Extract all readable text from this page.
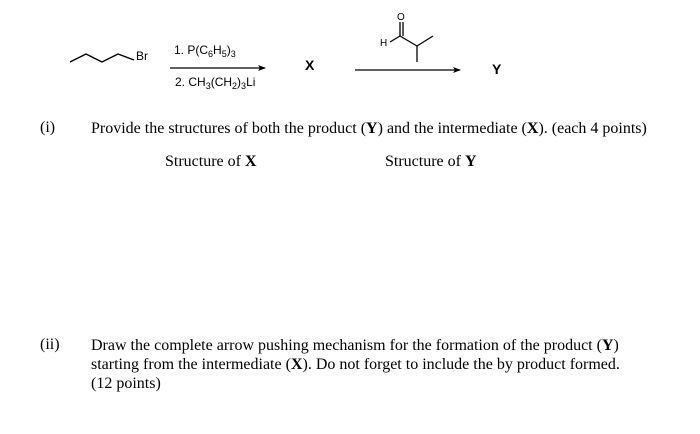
Br 1. $P(C_6H_5)_3$
2. $CH_3(CH_2)_3Li$
X
H
O
Y
(i) Provide the structures of both the product (Y) and the intermediate (X). (each 4 points)
Structure of X	Structure of Y
(ii) Draw the complete arrow pushing mechanism for the formation of the product (Y)
starting from the intermediate (X). Do not forget to include the by product formed.
(12 points)
